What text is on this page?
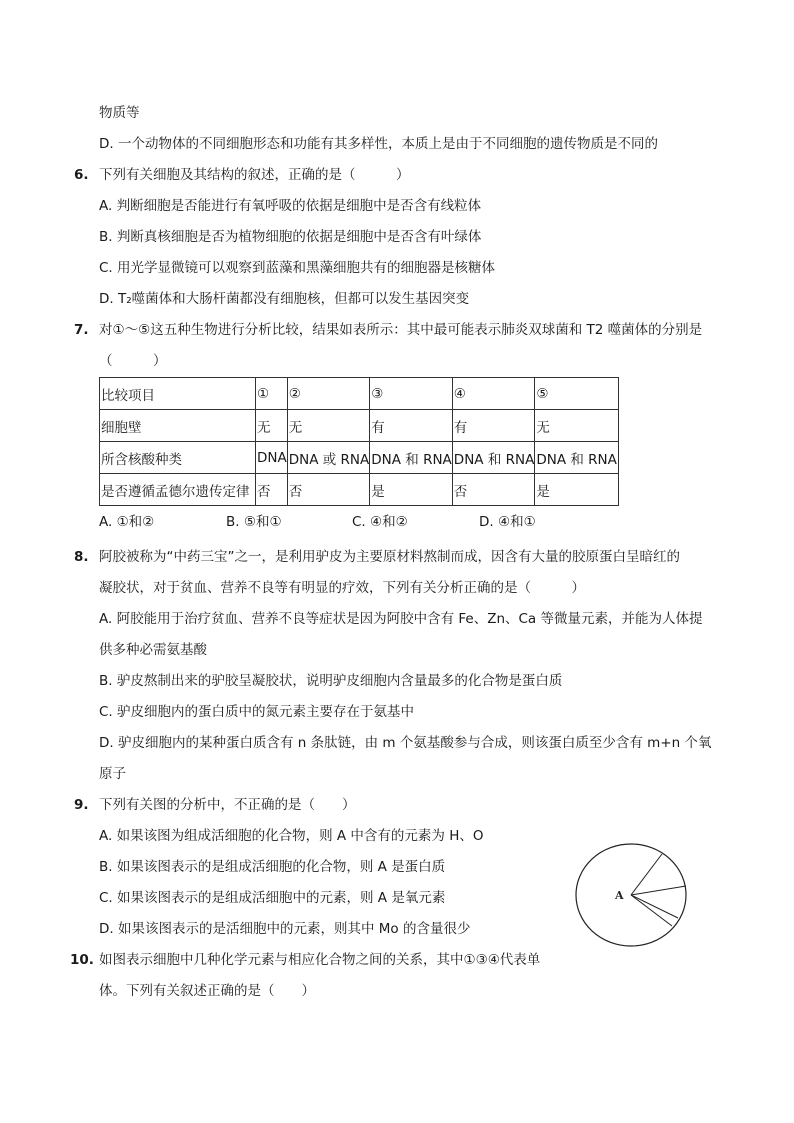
物质等
D. 一个动物体的不同细胞形态和功能有其多样性，本质上是由于不同细胞的遗传物质是不同的
6. 下列有关细胞及其结构的叙述，正确的是（　　　）
A. 判断细胞是否能进行有氧呼吸的依据是细胞中是否含有线粒体
B. 判断真核细胞是否为植物细胞的依据是细胞中是否含有叶绿体
C. 用光学显微镜可以观察到蓝藻和黑藻细胞共有的细胞器是核糖体
D. T₂噬菌体和大肠杆菌都没有细胞核，但都可以发生基因突变
7. 对①～⑤这五种生物进行分析比较，结果如表所示：其中最可能表示肺炎双球菌和 T2 噬菌体的分别是
（　　　）
比较项目	①	②	③	④	⑤
细胞壁	无	无	有	有	无
所含核酸种类	DNA	DNA 或 RNA	DNA 和 RNA	DNA 和 RNA	DNA 和 RNA
是否遵循孟德尔遗传定律	否	否	是	否	是
A. ①和②	B. ⑤和①	C. ④和②	D. ④和①
8. 阿胶被称为“中药三宝”之一，是利用驴皮为主要原材料熬制而成，因含有大量的胶原蛋白呈暗红的
凝胶状，对于贫血、营养不良等有明显的疗效，下列有关分析正确的是（　　　）
A. 阿胶能用于治疗贫血、营养不良等症状是因为阿胶中含有 Fe、Zn、Ca 等微量元素，并能为人体提
供多种必需氨基酸
B. 驴皮熬制出来的驴胶呈凝胶状，说明驴皮细胞内含量最多的化合物是蛋白质
C. 驴皮细胞内的蛋白质中的氮元素主要存在于氨基中
D. 驴皮细胞内的某种蛋白质含有 n 条肽链，由 m 个氨基酸参与合成，则该蛋白质至少含有 m+n 个氧
原子
9. 下列有关图的分析中，不正确的是（　　）
A. 如果该图为组成活细胞的化合物，则 A 中含有的元素为 H、O
B. 如果该图表示的是组成活细胞的化合物，则 A 是蛋白质
C. 如果该图表示的是组成活细胞中的元素，则 A 是氧元素
D. 如果该图表示的是活细胞中的元素，则其中 Mo 的含量很少
A
10. 如图表示细胞中几种化学元素与相应化合物之间的关系，其中①③④代表单
体。下列有关叙述正确的是（　　）
